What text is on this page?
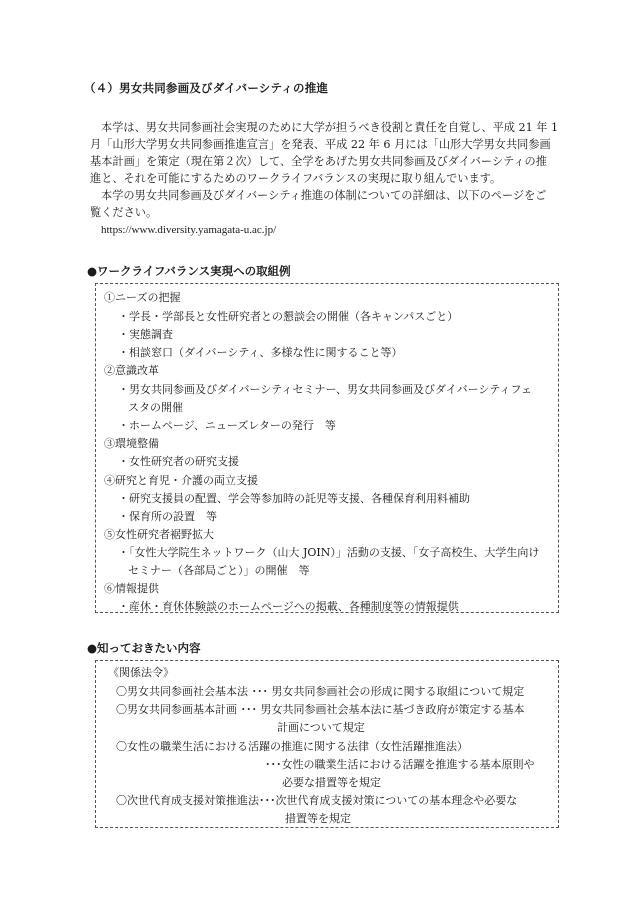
（４）男女共同参画及びダイバーシティの推進
本学は、男女共同参画社会実現のために大学が担うべき役割と責任を自覚し、平成 21 年 1
月「山形大学男女共同参画推進宣言」を発表、平成 22 年 6 月には「山形大学男女共同参画
基本計画」を策定（現在第２次）して、全学をあげた男女共同参画及びダイバーシティの推
進と、それを可能にするためのワークライフバランスの実現に取り組んでいます。
本学の男女共同参画及びダイバーシティ推進の体制についての詳細は、以下のページをご
覧ください。
https://www.diversity.yamagata-u.ac.jp/
●ワークライフバランス実現への取組例
①ニーズの把握
・学長・学部長と女性研究者との懇談会の開催（各キャンパスごと）
・実態調査
・相談窓口（ダイバーシティ、多様な性に関すること等）
②意識改革
・男女共同参画及びダイバーシティセミナー、男女共同参画及びダイバーシティフェ
スタの開催
・ホームページ、ニューズレターの発行　等
③環境整備
・女性研究者の研究支援
④研究と育児・介護の両立支援
・研究支援員の配置、学会等参加時の託児等支援、各種保育利用料補助
・保育所の設置　等
⑤女性研究者裾野拡大
・「女性大学院生ネットワーク（山大 JOIN）」活動の支援、「女子高校生、大学生向け
セミナー（各部局ごと）」の開催　等
⑥情報提供
・産休・育休体験談のホームページへの掲載、各種制度等の情報提供
●知っておきたい内容
《関係法令》
〇男女共同参画社会基本法 ･･･ 男女共同参画社会の形成に関する取組について規定
〇男女共同参画基本計画 ･･･ 男女共同参画社会基本法に基づき政府が策定する基本
計画について規定
〇女性の職業生活における活躍の推進に関する法律（女性活躍推進法）
･･･女性の職業生活における活躍を推進する基本原則や
必要な措置等を規定
〇次世代育成支援対策推進法･･･次世代育成支援対策についての基本理念や必要な
措置等を規定
